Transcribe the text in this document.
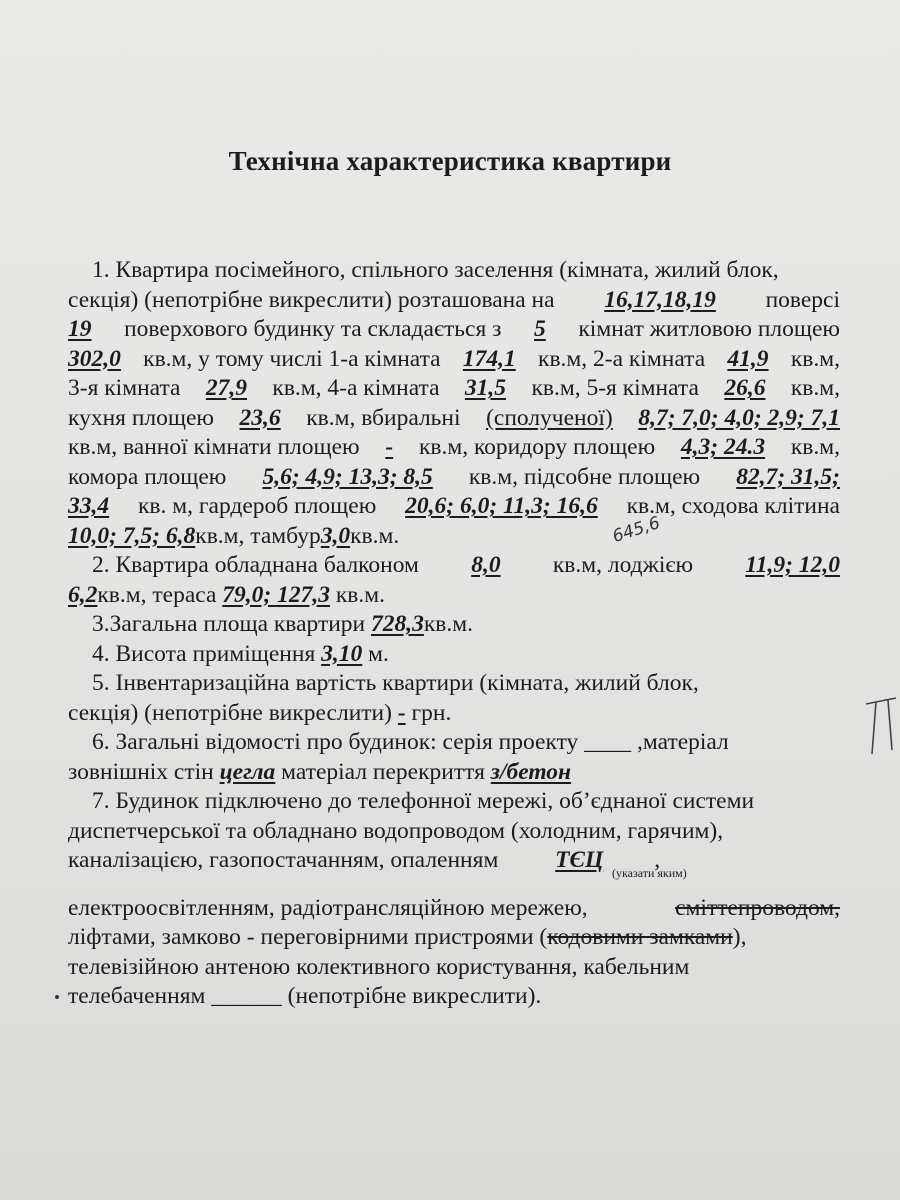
Технічна характеристика квартири
1. Квартира посімейного, спільного заселення (кімната, жилий блок,
секція) (непотрібне викреслити) розташована на 16,17,18,19 поверсі
19 поверхового будинку та складається з 5 кімнат житловою площею
302,0 кв.м, у тому числі 1-а кімната 174,1 кв.м, 2-а кімната 41,9 кв.м,
3-я кімната 27,9 кв.м, 4-а кімната 31,5 кв.м, 5-я кімната 26,6 кв.м,
кухня площею 23,6 кв.м, вбиральні (сполученої) 8,7; 7,0; 4,0; 2,9; 7,1
кв.м, ванної кімнати площею - кв.м, коридору площею 4,3; 24.3 кв.м,
комора площею 5,6; 4,9; 13,3; 8,5 кв.м, підсобне площею 82,7; 31,5;
33,4 кв. м, гардероб площею 20,6; 6,0; 11,3; 16,6 кв.м, сходова клітина
10,0; 7,5; 6,8кв.м, тамбур3,0кв.м.
2. Квартира обладнана балконом 8,0 кв.м, лоджією 11,9; 12,0
6,2кв.м, тераса 79,0; 127,3 кв.м.
3.Загальна площа квартири 728,3кв.м.
4. Висота приміщення 3,10 м.
5. Інвентаризаційна вартість квартири (кімната, жилий блок,
секція) (непотрібне викреслити) - грн.
6. Загальні відомості про будинок: серія проекту ____ ,матеріал
зовнішніх стін цегла матеріал перекриття з/бетон
7. Будинок підключено до телефонної мережі, об’єднаної системи
диспетчерської та обладнано водопроводом (холодним, гарячим),
каналізацією, газопостачанням, опаленням ТЄЦ ,
електроосвітленням, радіотрансляційною мережею,	сміттепроводом,
ліфтами, замково - переговірними пристроями (кодовими замками),
телевізійною антеною колективного користування, кабельним
телебаченням ______ (непотрібне викреслити).
(указати яким)
645,6
